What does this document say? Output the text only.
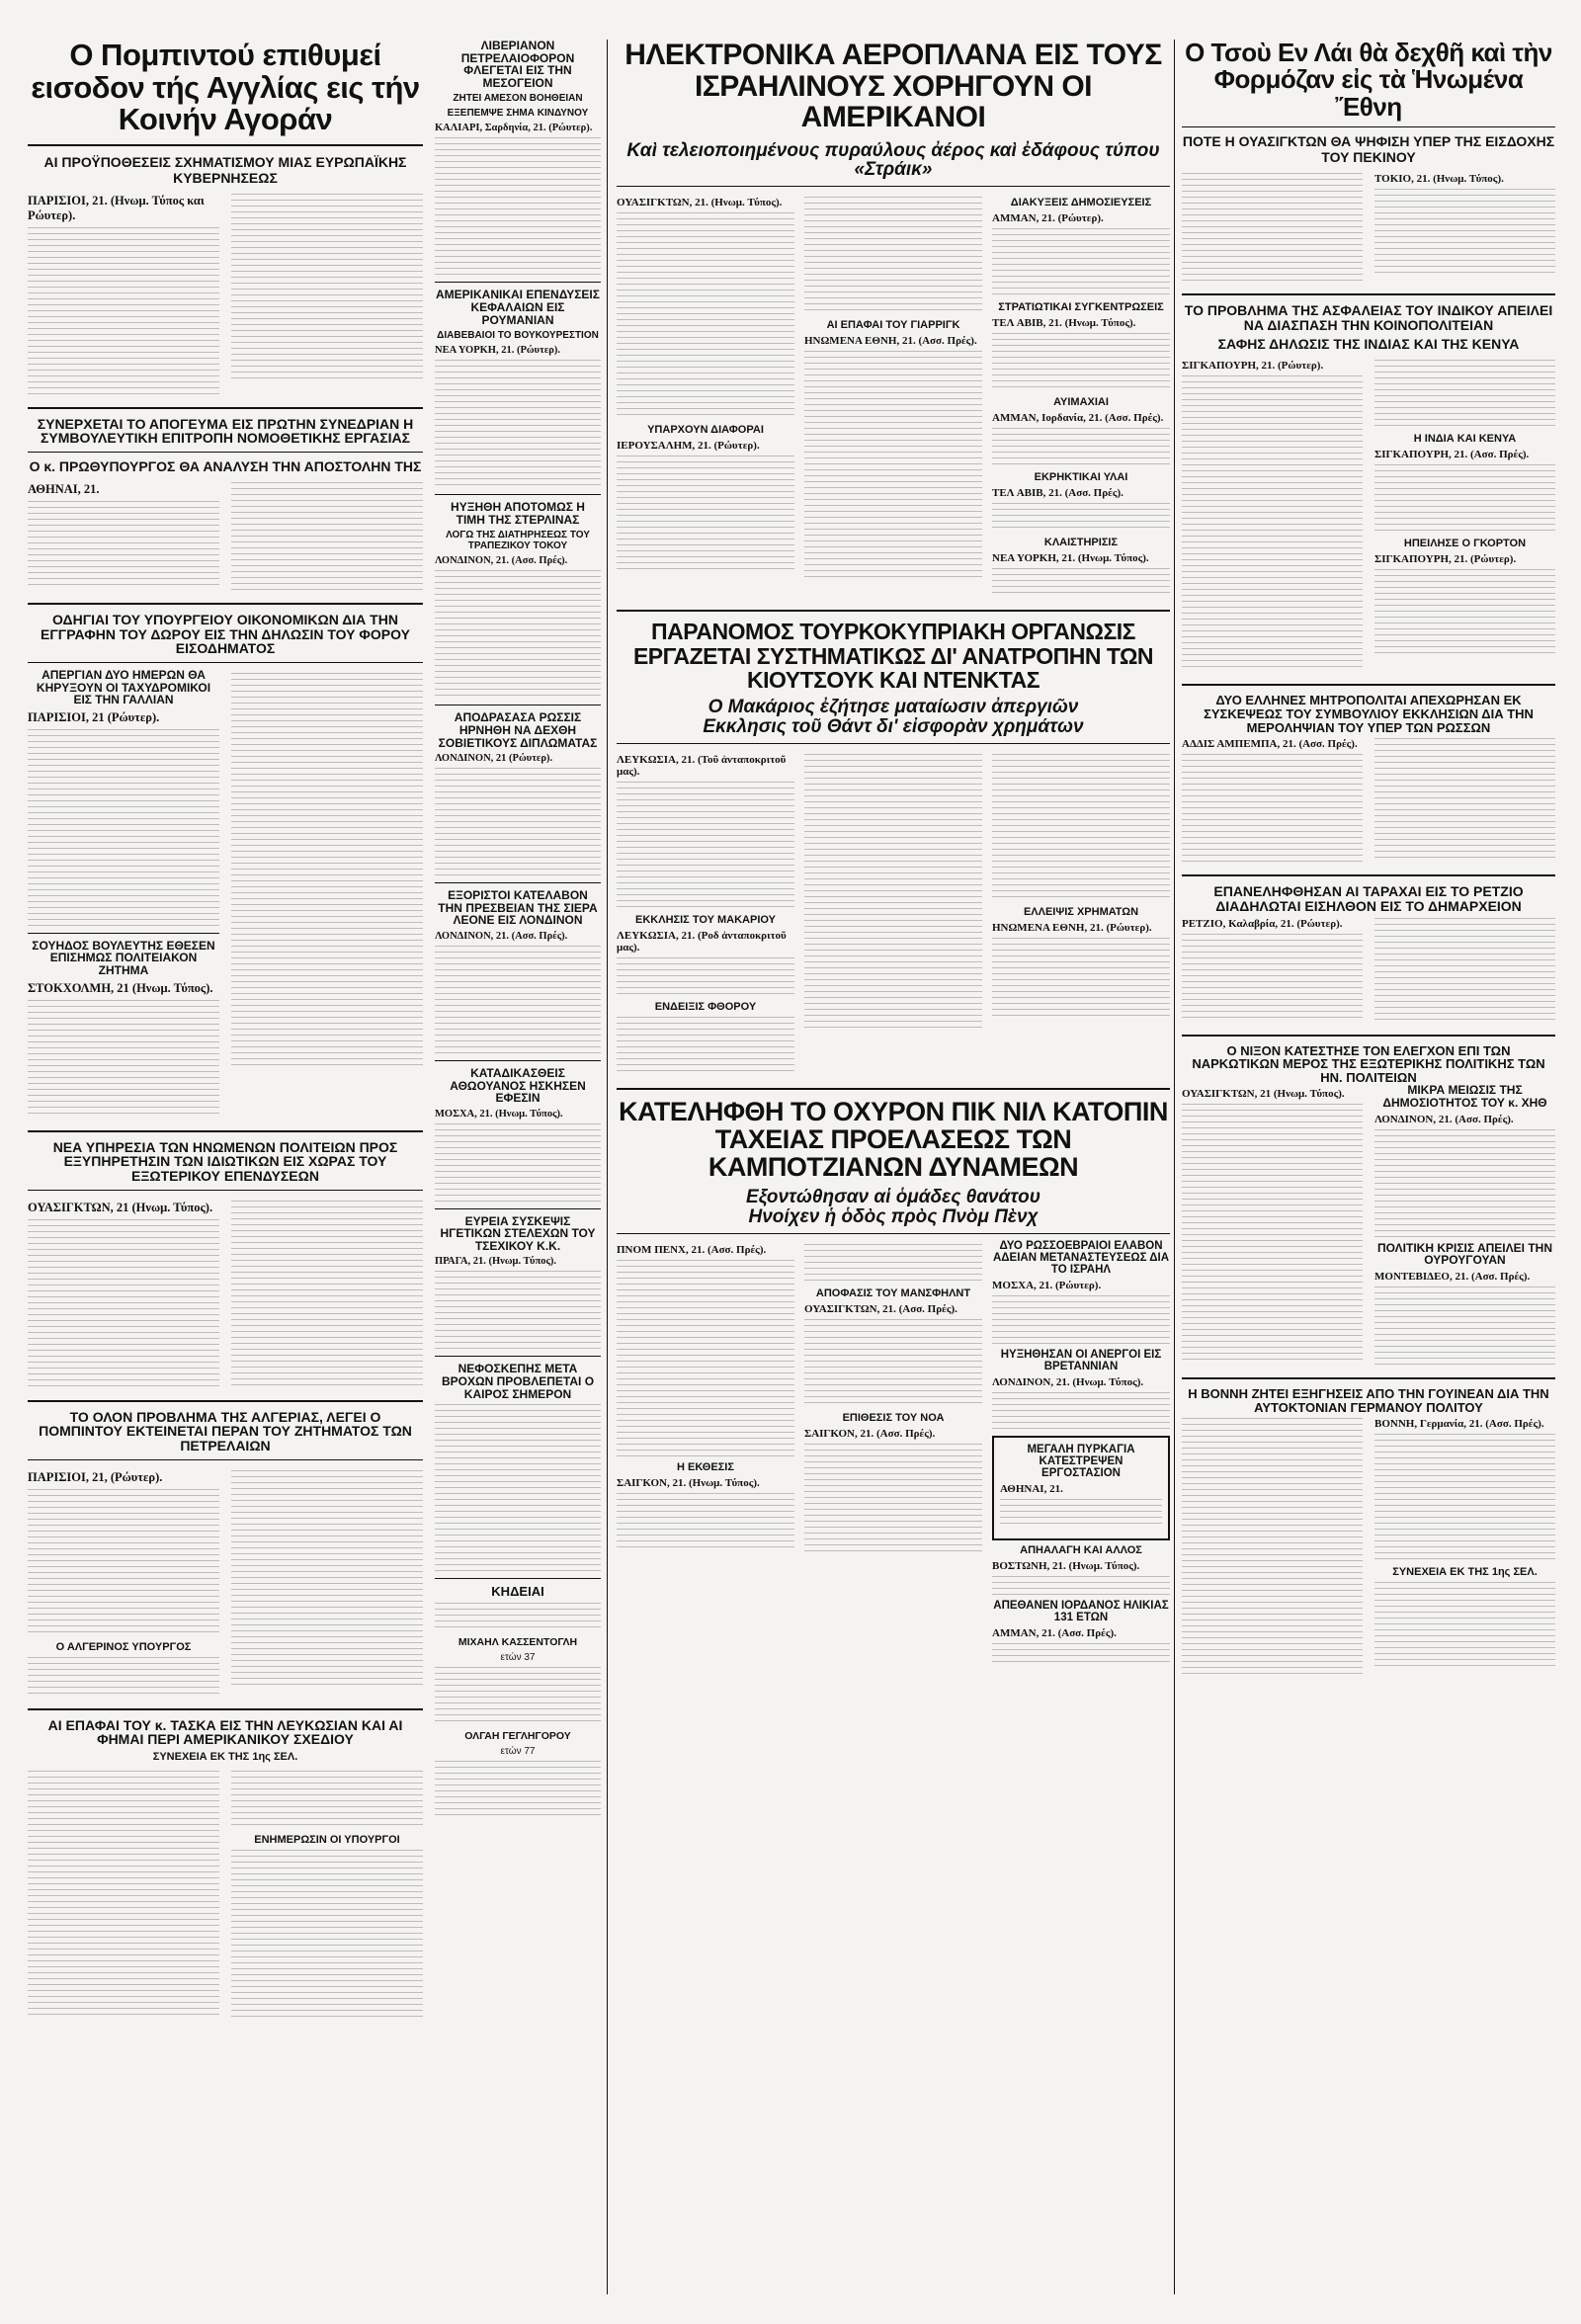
Ο Πομπιντού επιθυμεί εισοδον τής Αγγλίας εις τήν Κοινήν Αγοράν
ΑΙ ΠΡΟΫΠΟΘΕΣΕΙΣ ΣΧΗΜΑΤΙΣΜΟΥ ΜΙΑΣ ΕΥΡΩΠΑΪΚΗΣ ΚΥΒΕΡΝΗΣΕΩΣ
ΠΑΡΙΣΙΟΙ, 21. (Ηνωμ. Τύπος και Ρώυτερ).
ΣΥΝΕΡΧΕΤΑΙ ΤΟ ΑΠΟΓΕΥΜΑ ΕΙΣ ΠΡΩΤΗΝ ΣΥΝΕΔΡΙΑΝ Η ΣΥΜΒΟΥΛΕΥΤΙΚΗ ΕΠΙΤΡΟΠΗ ΝΟΜΟΘΕΤΙΚΗΣ ΕΡΓΑΣΙΑΣ
Ο κ. ΠΡΩΘΥΠΟΥΡΓΟΣ ΘΑ ΑΝΑΛΥΣΗ ΤΗΝ ΑΠΟΣΤΟΛΗΝ ΤΗΣ
ΑΘΗΝΑΙ, 21.
ΟΔΗΓΙΑΙ ΤΟΥ ΥΠΟΥΡΓΕΙΟΥ ΟΙΚΟΝΟΜΙΚΩΝ ΔΙΑ ΤΗΝ ΕΓΓΡΑΦΗΝ ΤΟΥ ΔΩΡΟΥ ΕΙΣ ΤΗΝ ΔΗΛΩΣΙΝ ΤΟΥ ΦΟΡΟΥ ΕΙΣΟΔΗΜΑΤΟΣ
ΑΠΕΡΓΙΑΝ ΔΥΟ ΗΜΕΡΩΝ ΘΑ ΚΗΡΥΞΟΥΝ ΟΙ ΤΑΧΥΔΡΟΜΙΚΟΙ ΕΙΣ ΤΗΝ ΓΑΛΛΙΑΝ
ΠΑΡΙΣΙΟΙ, 21 (Ρώυτερ).
ΣΟΥΗΔΟΣ ΒΟΥΛΕΥΤΗΣ ΕΘΕΣΕΝ ΕΠΙΣΗΜΩΣ ΠΟΛΙΤΕΙΑΚΟΝ ΖΗΤΗΜΑ
ΣΤΟΚΧΟΛΜΗ, 21 (Ηνωμ. Τύπος).
ΝΕΑ ΥΠΗΡΕΣΙΑ ΤΩΝ ΗΝΩΜΕΝΩΝ ΠΟΛΙΤΕΙΩΝ ΠΡΟΣ ΕΞΥΠΗΡΕΤΗΣΙΝ ΤΩΝ ΙΔΙΩΤΙΚΩΝ ΕΙΣ ΧΩΡΑΣ ΤΟΥ ΕΞΩΤΕΡΙΚΟΥ ΕΠΕΝΔΥΣΕΩΝ
ΟΥΑΣΙΓΚΤΩΝ, 21 (Ηνωμ. Τύπος).
ΤΟ ΟΛΟΝ ΠΡΟΒΛΗΜΑ ΤΗΣ ΑΛΓΕΡΙΑΣ, ΛΕΓΕΙ Ο ΠΟΜΠΙΝΤΟΥ ΕΚΤΕΙΝΕΤΑΙ ΠΕΡΑΝ ΤΟΥ ΖΗΤΗΜΑΤΟΣ ΤΩΝ ΠΕΤΡΕΛΑΙΩΝ
ΠΑΡΙΣΙΟΙ, 21, (Ρώυτερ).
Ο ΑΛΓΕΡΙΝΟΣ ΥΠΟΥΡΓΟΣ
ΑΙ ΕΠΑΦΑΙ ΤΟΥ κ. ΤΑΣΚΑ ΕΙΣ ΤΗΝ ΛΕΥΚΩΣΙΑΝ ΚΑΙ ΑΙ ΦΗΜΑΙ ΠΕΡΙ ΑΜΕΡΙΚΑΝΙΚΟΥ ΣΧΕΔΙΟΥ
ΣΥΝΕΧΕΙΑ ΕΚ ΤΗΣ 1ης ΣΕΛ.
ΕΝΗΜΕΡΩΣΙΝ ΟΙ ΥΠΟΥΡΓΟΙ
ΛΙΒΕΡΙΑΝΟΝ ΠΕΤΡΕΛΑΙΟΦΟΡΟΝ ΦΛΕΓΕΤΑΙ ΕΙΣ ΤΗΝ ΜΕΣΟΓΕΙΟΝ
ΖΗΤΕΙ ΑΜΕΣΟΝ ΒΟΗΘΕΙΑΝ
ΕΞΕΠΕΜΨΕ ΣΗΜΑ ΚΙΝΔΥΝΟΥ
ΚΑΛΙΑΡΙ, Σαρδηνία, 21. (Ρώυτερ).
ΑΜΕΡΙΚΑΝΙΚΑΙ ΕΠΕΝΔΥΣΕΙΣ ΚΕΦΑΛΑΙΩΝ ΕΙΣ ΡΟΥΜΑΝΙΑΝ
ΔΙΑΒΕΒΑΙΟΙ ΤΟ ΒΟΥΚΟΥΡΕΣΤΙΟΝ
ΝΕΑ ΥΟΡΚΗ, 21. (Ρώυτερ).
ΗΥΞΗΘΗ ΑΠΟΤΟΜΩΣ Η ΤΙΜΗ ΤΗΣ ΣΤΕΡΛΙΝΑΣ
ΛΟΓΩ ΤΗΣ ΔΙΑΤΗΡΗΣΕΩΣ ΤΟΥ ΤΡΑΠΕΖΙΚΟΥ ΤΟΚΟΥ
ΛΟΝΔΙΝΟΝ, 21. (Ασσ. Πρές).
ΑΠΟΔΡΑΣΑΣΑ ΡΩΣΣΙΣ ΗΡΝΗΘΗ ΝΑ ΔΕΧΘΗ ΣΟΒΙΕΤΙΚΟΥΣ ΔΙΠΛΩΜΑΤΑΣ
ΛΟΝΔΙΝΟΝ, 21 (Ρώυτερ).
ΕΞΟΡΙΣΤΟΙ ΚΑΤΕΛΑΒΟΝ ΤΗΝ ΠΡΕΣΒΕΙΑΝ ΤΗΣ ΣΙΕΡΑ ΛΕΟΝΕ ΕΙΣ ΛΟΝΔΙΝΟΝ
ΛΟΝΔΙΝΟΝ, 21. (Ασσ. Πρές).
ΚΑΤΑΔΙΚΑΣΘΕΙΣ ΑΘΩΟΥΑΝΟΣ ΗΣΚΗΣΕΝ ΕΦΕΣΙΝ
ΜΟΣΧΑ, 21. (Ηνωμ. Τύπος).
ΕΥΡΕΙΑ ΣΥΣΚΕΨΙΣ ΗΓΕΤΙΚΩΝ ΣΤΕΛΕΧΩΝ ΤΟΥ ΤΣΕΧΙΚΟΥ Κ.Κ.
ΠΡΑΓΑ, 21. (Ηνωμ. Τύπος).
ΝΕΦΟΣΚΕΠΗΣ ΜΕΤΑ ΒΡΟΧΩΝ ΠΡΟΒΛΕΠΕΤΑΙ Ο ΚΑΙΡΟΣ ΣΗΜΕΡΟΝ
ΚΗΔΕΙΑΙ
ΜΙΧΑΗΛ ΚΑΣΣΕΝΤΟΓΛΗ
ετών 37
ΟΛΓΑΗ ΓΕΓΛΗΓΟΡΟΥ
ετών 77
ΗΛΕΚΤΡΟΝΙΚΑ ΑΕΡΟΠΛΑΝΑ ΕΙΣ ΤΟΥΣ ΙΣΡΑΗΛΙΝΟΥΣ ΧΟΡΗΓΟΥΝ ΟΙ ΑΜΕΡΙΚΑΝΟΙ
Καὶ τελειοποιημένους πυραύλους ἀέρος καὶ ἐδάφους τύπου «Στράικ»
ΟΥΑΣΙΓΚΤΩΝ, 21. (Ηνωμ. Τύπος).
ΥΠΑΡΧΟΥΝ ΔΙΑΦΟΡΑΙ
ΙΕΡΟΥΣΑΛΗΜ, 21. (Ρώυτερ).
ΑΙ ΕΠΑΦΑΙ ΤΟΥ ΓΙΑΡΡΙΓΚ
ΗΝΩΜΕΝΑ ΕΘΝΗ, 21. (Ασσ. Πρές).
ΔΙΑΚΥΞΕΙΣ ΔΗΜΟΣΙΕΥΣΕΙΣ
ΑΜΜΑΝ, 21. (Ρώυτερ).
ΣΤΡΑΤΙΩΤΙΚΑΙ ΣΥΓΚΕΝΤΡΩΣΕΙΣ
ΤΕΛ ΑΒΙΒ, 21. (Ηνωμ. Τύπος).
ΑΥΙΜΑΧΙΑΙ
ΑΜΜΑΝ, Ιορδανία, 21. (Ασσ. Πρές).
ΕΚΡΗΚΤΙΚΑΙ ΥΛΑΙ
ΤΕΛ ΑΒΙΒ, 21. (Ασσ. Πρές).
ΚΛΑΙΣΤΗΡΙΣΙΣ
ΝΕΑ ΥΟΡΚΗ, 21. (Ηνωμ. Τύπος).
ΠΑΡΑΝΟΜΟΣ ΤΟΥΡΚΟΚΥΠΡΙΑΚΗ ΟΡΓΑΝΩΣΙΣ ΕΡΓΑΖΕΤΑΙ ΣΥΣΤΗΜΑΤΙΚΩΣ ΔΙ' ΑΝΑΤΡΟΠΗΝ ΤΩΝ ΚΙΟΥΤΣΟΥΚ ΚΑΙ ΝΤΕΝΚΤΑΣ
Ο Μακάριος ἐζήτησε ματαίωσιν ἀπεργιῶν
Εκκλησις τοῦ Θάντ δι' εἰσφορὰν χρημάτων
ΛΕΥΚΩΣΙΑ, 21. (Τοῦ ἀνταποκριτοῦ μας).
ΕΚΚΛΗΣΙΣ ΤΟΥ ΜΑΚΑΡΙΟΥ
ΛΕΥΚΩΣΙΑ, 21. (Ροδ ἀνταποκριτοῦ μας).
ΕΝΔΕΙΞΙΣ ΦΘΟΡΟΥ
ΕΛΛΕΙΨΙΣ ΧΡΗΜΑΤΩΝ
ΗΝΩΜΕΝΑ ΕΘΝΗ, 21. (Ρώυτερ).
ΚΑΤΕΛΗΦΘΗ ΤΟ ΟΧΥΡΟΝ ΠΙΚ ΝΙΛ ΚΑΤΟΠΙΝ ΤΑΧΕΙΑΣ ΠΡΟΕΛΑΣΕΩΣ ΤΩΝ ΚΑΜΠΟΤΖΙΑΝΩΝ ΔΥΝΑΜΕΩΝ
Εξοντώθησαν αἱ ὁμάδες θανάτου
Ηνοίχεν ἡ ὁδὸς πρὸς Πνὸμ Πὲνχ
ΠΝΟΜ ΠΕΝΧ, 21. (Ασσ. Πρές).
Η ΕΚΘΕΣΙΣ
ΣΑΙΓΚΟΝ, 21. (Ηνωμ. Τύπος).
ΑΠΟΦΑΣΙΣ ΤΟΥ ΜΑΝΣΦΗΛΝΤ
ΟΥΑΣΙΓΚΤΩΝ, 21. (Ασσ. Πρές).
ΕΠΙΘΕΣΙΣ ΤΟΥ ΝΟΑ
ΣΑΙΓΚΟΝ, 21. (Ασσ. Πρές).
ΔΥΟ ΡΩΣΣΟΕΒΡΑΙΟΙ ΕΛΑΒΟΝ ΑΔΕΙΑΝ ΜΕΤΑΝΑΣΤΕΥΣΕΩΣ ΔΙΑ ΤΟ ΙΣΡΑΗΛ
ΜΟΣΧΑ, 21. (Ρώυτερ).
ΗΥΞΗΘΗΣΑΝ ΟΙ ΑΝΕΡΓΟΙ ΕΙΣ ΒΡΕΤΑΝΝΙΑΝ
ΛΟΝΔΙΝΟΝ, 21. (Ηνωμ. Τύπος).
ΜΕΓΑΛΗ ΠΥΡΚΑΓΙΑ ΚΑΤΕΣΤΡΕΨΕΝ ΕΡΓΟΣΤΑΣΙΟΝ
ΑΘΗΝΑΙ, 21.
ΑΠΗΑΛΑΓΗ ΚΑΙ ΑΛΛΟΣ
ΒΟΣΤΩΝΗ, 21. (Ηνωμ. Τύπος).
ΑΠΕΘΑΝΕΝ ΙΟΡΔΑΝΟΣ ΗΛΙΚΙΑΣ 131 ΕΤΩΝ
ΑΜΜΑΝ, 21. (Ασσ. Πρές).
Ο Τσοὺ Εν Λάι θὰ δεχθῆ καὶ τὴν Φορμόζαν εἰς τὰ Ἡνωμένα Ἔθνη
ΠΟΤΕ Η ΟΥΑΣΙΓΚΤΩΝ ΘΑ ΨΗΦΙΣΗ ΥΠΕΡ ΤΗΣ ΕΙΣΔΟΧΗΣ ΤΟΥ ΠΕΚΙΝΟΥ
ΤΟΚΙΟ, 21. (Ηνωμ. Τύπος).
ΤΟ ΠΡΟΒΛΗΜΑ ΤΗΣ ΑΣΦΑΛΕΙΑΣ ΤΟΥ ΙΝΔΙΚΟΥ ΑΠΕΙΛΕΙ ΝΑ ΔΙΑΣΠΑΣΗ ΤΗΝ ΚΟΙΝΟΠΟΛΙΤΕΙΑΝ
ΣΑΦΗΣ ΔΗΛΩΣΙΣ ΤΗΣ ΙΝΔΙΑΣ ΚΑΙ ΤΗΣ ΚΕΝΥΑ
ΣΙΓΚΑΠΟΥΡΗ, 21. (Ρώυτερ).
Η ΙΝΔΙΑ ΚΑΙ ΚΕΝΥΑ
ΣΙΓΚΑΠΟΥΡΗ, 21. (Ασσ. Πρές).
ΗΠΕΙΛΗΣΕ Ο ΓΚΟΡΤΟΝ
ΣΙΓΚΑΠΟΥΡΗ, 21. (Ρώυτερ).
ΔΥΟ ΕΛΛΗΝΕΣ ΜΗΤΡΟΠΟΛΙΤΑΙ ΑΠΕΧΩΡΗΣΑΝ ΕΚ ΣΥΣΚΕΨΕΩΣ ΤΟΥ ΣΥΜΒΟΥΛΙΟΥ ΕΚΚΛΗΣΙΩΝ ΔΙΑ ΤΗΝ ΜΕΡΟΛΗΨΙΑΝ ΤΟΥ ΥΠΕΡ ΤΩΝ ΡΩΣΣΩΝ
ΑΔΔΙΣ ΑΜΠΕΜΠΑ, 21. (Ασσ. Πρές).
ΕΠΑΝΕΛΗΦΘΗΣΑΝ ΑΙ ΤΑΡΑΧΑΙ ΕΙΣ ΤΟ ΡΕΤΖΙΟ ΔΙΑΔΗΛΩΤΑΙ ΕΙΣΗΛΘΟΝ ΕΙΣ ΤΟ ΔΗΜΑΡΧΕΙΟΝ
ΡΕΤΖΙΟ, Καλαβρία, 21. (Ρώυτερ).
Ο ΝΙΞΟΝ ΚΑΤΕΣΤΗΣΕ ΤΟΝ ΕΛΕΓΧΟΝ ΕΠΙ ΤΩΝ ΝΑΡΚΩΤΙΚΩΝ ΜΕΡΟΣ ΤΗΣ ΕΞΩΤΕΡΙΚΗΣ ΠΟΛΙΤΙΚΗΣ ΤΩΝ ΗΝ. ΠΟΛΙΤΕΙΩΝ
ΟΥΑΣΙΓΚΤΩΝ, 21 (Ηνωμ. Τύπος).	ΜΙΚΡΑ ΜΕΙΩΣΙΣ ΤΗΣ ΔΗΜΟΣΙΟΤΗΤΟΣ ΤΟΥ κ. ΧΗΘ
ΛΟΝΔΙΝΟΝ, 21. (Ασσ. Πρές).
ΠΟΛΙΤΙΚΗ ΚΡΙΣΙΣ ΑΠΕΙΛΕΙ ΤΗΝ ΟΥΡΟΥΓΟΥΑΝ
ΜΟΝΤΕΒΙΔΕΟ, 21. (Ασσ. Πρές).
Η ΒΟΝΝΗ ΖΗΤΕΙ ΕΞΗΓΗΣΕΙΣ ΑΠΟ ΤΗΝ ΓΟΥΙΝΕΑΝ ΔΙΑ ΤΗΝ ΑΥΤΟΚΤΟΝΙΑΝ ΓΕΡΜΑΝΟΥ ΠΟΛΙΤΟΥ
ΒΟΝΝΗ, Γερμανία, 21. (Ασσ. Πρές).
ΣΥΝΕΧΕΙΑ ΕΚ ΤΗΣ 1ης ΣΕΛ.
